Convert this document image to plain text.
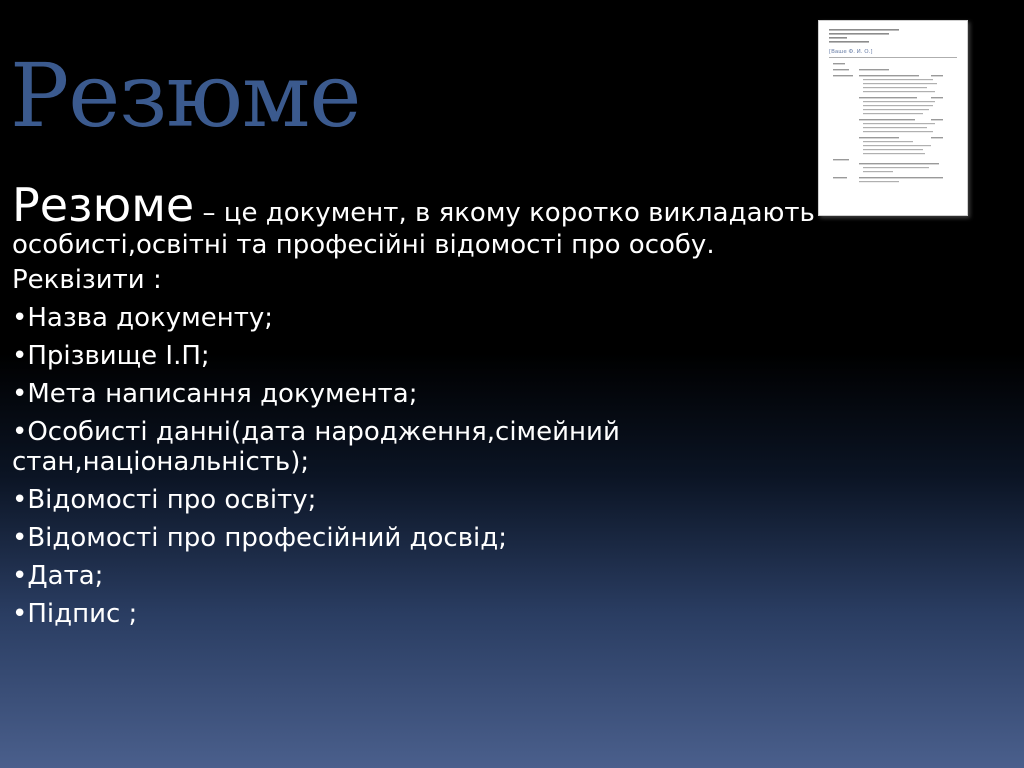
Резюме	[Ваше Ф. И. О.]

Резюме – це документ, в якому коротко викладають особисті,освітні та професійні відомості про особу.

Реквізити :

•Назва документу;
•Прізвище І.П;
•Мета написання документа;
•Особисті данні(дата народження,сімейний стан,національність);
•Відомості про освіту;
•Відомості про професійний досвід;
•Дата;
•Підпис ;
